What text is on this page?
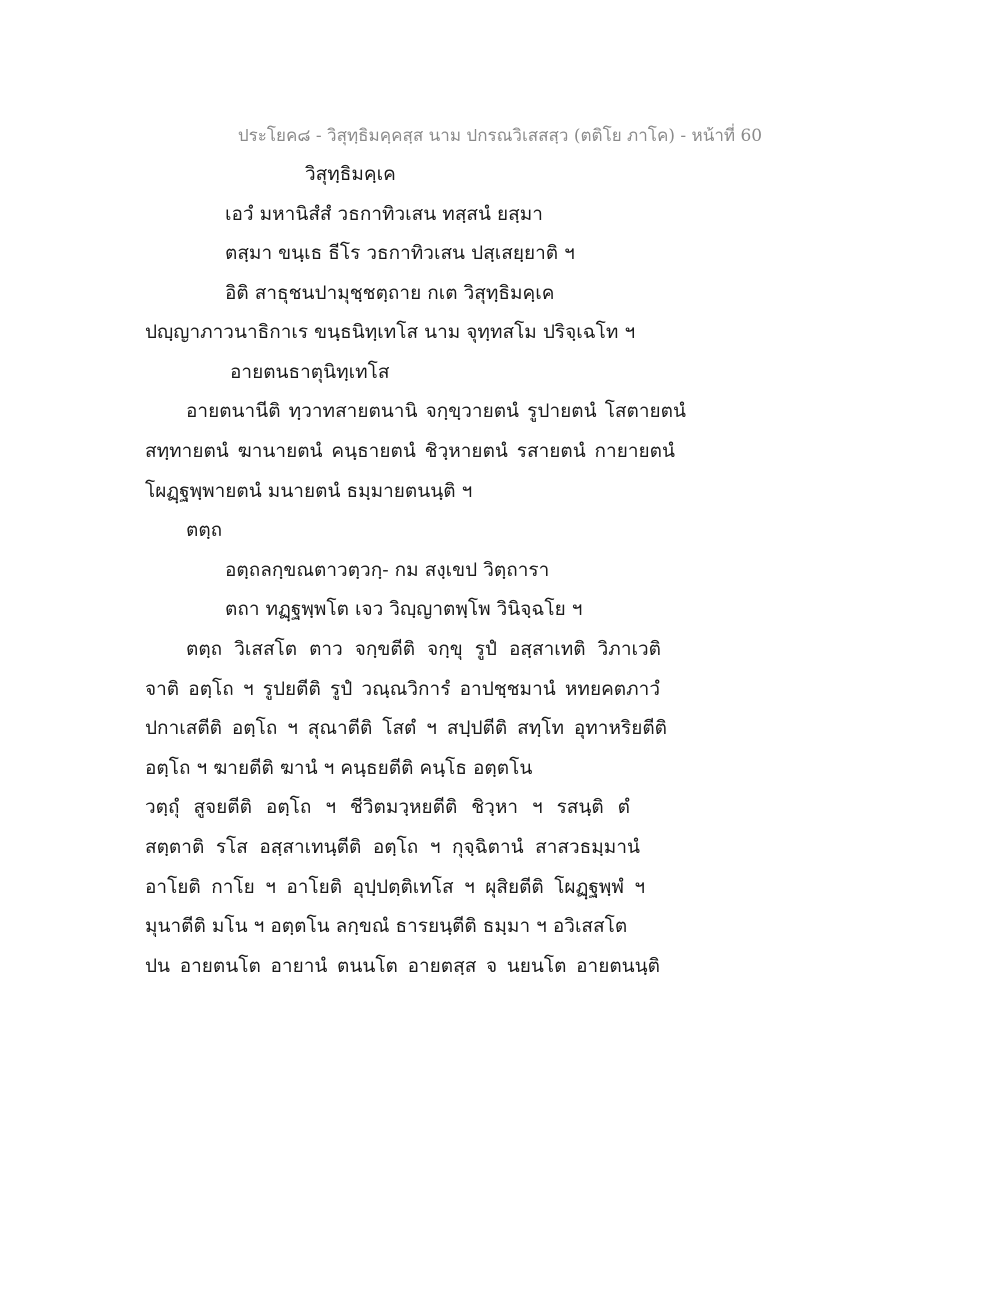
ประโยค๘ - วิสุทฺธิมคฺคสฺส นาม ปกรณวิเสสสฺว (ตติโย ภาโค) - หน้าที่ 60
วิสุทฺธิมคฺเค
เอวํ มหานิสํสํ วธกาทิวเสน ทสฺสนํ ยสฺมา
ตสฺมา ขนฺเธ ธีโร วธกาทิวเสน ปสฺเสยฺยาติ ฯ
อิติ สาธุชนปามุชฺชตฺถาย กเต วิสุทฺธิมคฺเค
ปญฺญาภาวนาธิกาเร ขนฺธนิทฺเทโส นาม จุทฺทสโม ปริจฺเฉโท ฯ
อายตนธาตุนิทฺเทโส
อายตนานีติ ทฺวาทสายตนานิ จกฺขฺวายตนํ รูปายตนํ โสตายตนํ
สทฺทายตนํ ฆานายตนํ คนฺธายตนํ ชิวฺหายตนํ รสายตนํ กายายตนํ
โผฏฺฐพฺพายตนํ มนายตนํ ธมฺมายตนนฺติ ฯ
ตตฺถ
อตฺถลกฺขณตาวตฺวกฺ- กม สงฺเขป วิตฺถารา
ตถา ทฏฺฐพฺพโต เจว วิญฺญาตพฺโพ วินิจฺฉโย ฯ
ตตฺถ วิเสสโต ตาว จกฺขตีติ จกฺขุ รูปํ อสฺสาเทติ วิภาเวติ
จาติ อตฺโถ ฯ รูปยตีติ รูปํ วณฺณวิการํ อาปชฺชมานํ หทยคตภาวํ
ปกาเสตีติ อตฺโถ ฯ สุณาตีติ โสตํ ฯ สปฺปตีติ สทฺโท อุทาหริยตีติ
อตฺโถ ฯ ฆายตีติ ฆานํ ฯ คนฺธยตีติ คนฺโธ อตฺตโน
วตฺถุํ สูจยตีติ อตฺโถ ฯ ชีวิตมวฺหยตีติ ชิวฺหา ฯ รสนฺติ ตํ
สตฺตาติ รโส อสฺสาเทนฺตีติ อตฺโถ ฯ กุจฺฉิตานํ สาสวธมฺมานํ
อาโยติ กาโย ฯ อาโยติ อุปฺปตฺติเทโส ฯ ผุสิยตีติ โผฏฺฐพฺพํ ฯ
มุนาตีติ มโน ฯ อตฺตโน ลกฺขณํ ธารยนฺตีติ ธมฺมา ฯ อวิเสสโต
ปน อายตนโต อายานํ ตนนโต อายตสฺส จ นยนโต อายตนนฺติ
